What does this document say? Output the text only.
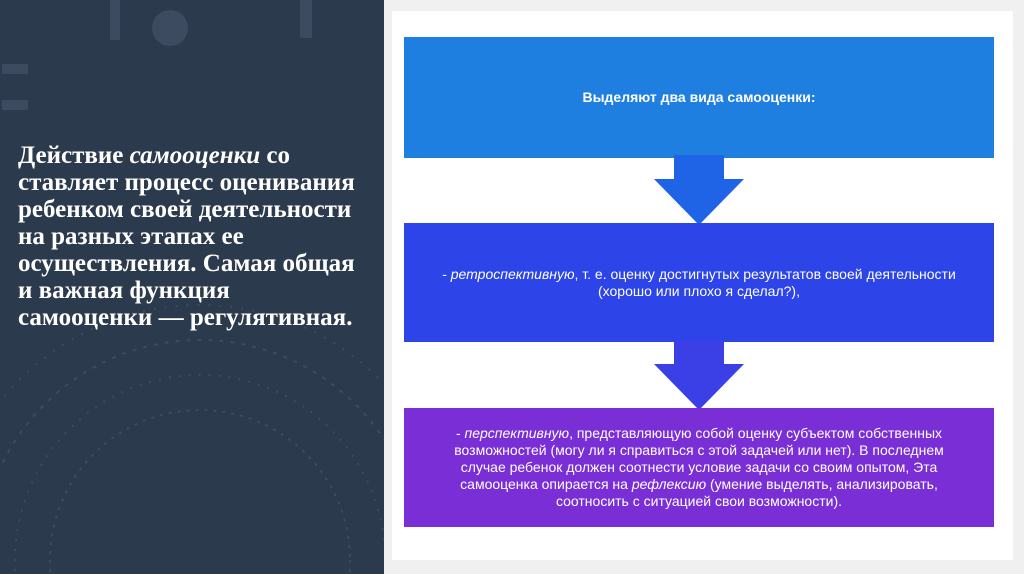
Действие самооценки со ставляет процесс оценивания ребенком своей деятельности на разных этапах ее осуществления. Самая общая и важная функция самооценки — регулятивная.

Выделяют два вида самооценки:
- ретроспективную, т. е. оценку достигнутых результатов своей деятельности (хорошо или плохо я сделал?),
- перспективную, представляющую собой оценку субъектом собственных возможностей (могу ли я справиться с этой задачей или нет). В последнем случае ребенок должен соотнести условие задачи со своим опытом, Эта самооценка опирается на рефлексию (умение выделять, анализировать, соотносить с ситуацией свои возможности).
